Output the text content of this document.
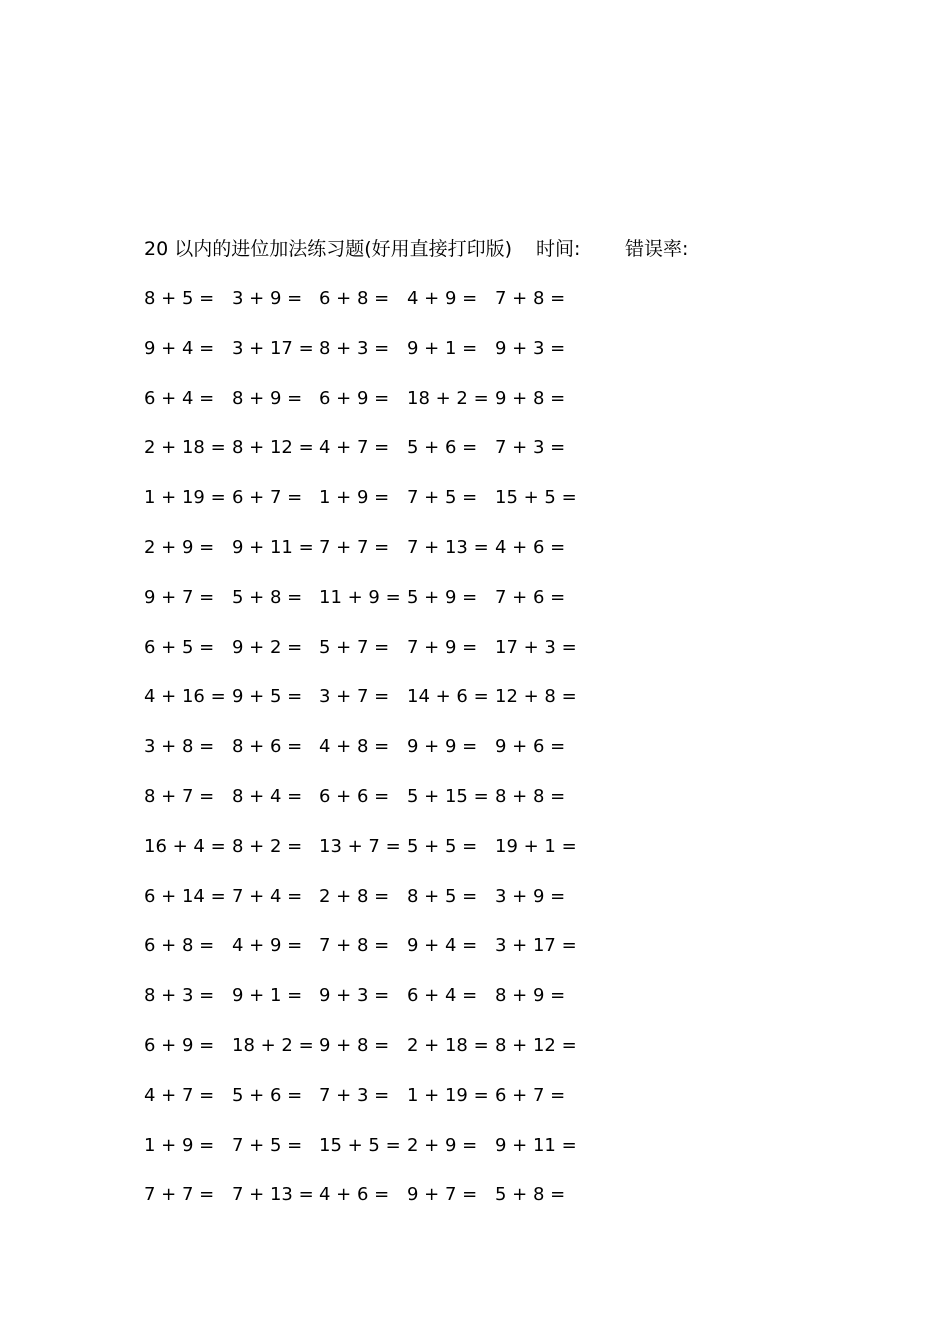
20 以内的进位加法练习题(好用直接打印版) 时间: 错误率:
8 + 5 = 3 + 9 = 6 + 8 = 4 + 9 = 7 + 8 =
9 + 4 = 3 + 17 = 8 + 3 = 9 + 1 = 9 + 3 =
6 + 4 = 8 + 9 = 6 + 9 = 18 + 2 = 9 + 8 =
2 + 18 = 8 + 12 = 4 + 7 = 5 + 6 = 7 + 3 =
1 + 19 = 6 + 7 = 1 + 9 = 7 + 5 = 15 + 5 =
2 + 9 = 9 + 11 = 7 + 7 = 7 + 13 = 4 + 6 =
9 + 7 = 5 + 8 = 11 + 9 = 5 + 9 = 7 + 6 =
6 + 5 = 9 + 2 = 5 + 7 = 7 + 9 = 17 + 3 =
4 + 16 = 9 + 5 = 3 + 7 = 14 + 6 = 12 + 8 =
3 + 8 = 8 + 6 = 4 + 8 = 9 + 9 = 9 + 6 =
8 + 7 = 8 + 4 = 6 + 6 = 5 + 15 = 8 + 8 =
16 + 4 = 8 + 2 = 13 + 7 = 5 + 5 = 19 + 1 =
6 + 14 = 7 + 4 = 2 + 8 = 8 + 5 = 3 + 9 =
6 + 8 = 4 + 9 = 7 + 8 = 9 + 4 = 3 + 17 =
8 + 3 = 9 + 1 = 9 + 3 = 6 + 4 = 8 + 9 =
6 + 9 = 18 + 2 = 9 + 8 = 2 + 18 = 8 + 12 =
4 + 7 = 5 + 6 = 7 + 3 = 1 + 19 = 6 + 7 =
1 + 9 = 7 + 5 = 15 + 5 = 2 + 9 = 9 + 11 =
7 + 7 = 7 + 13 = 4 + 6 = 9 + 7 = 5 + 8 =
